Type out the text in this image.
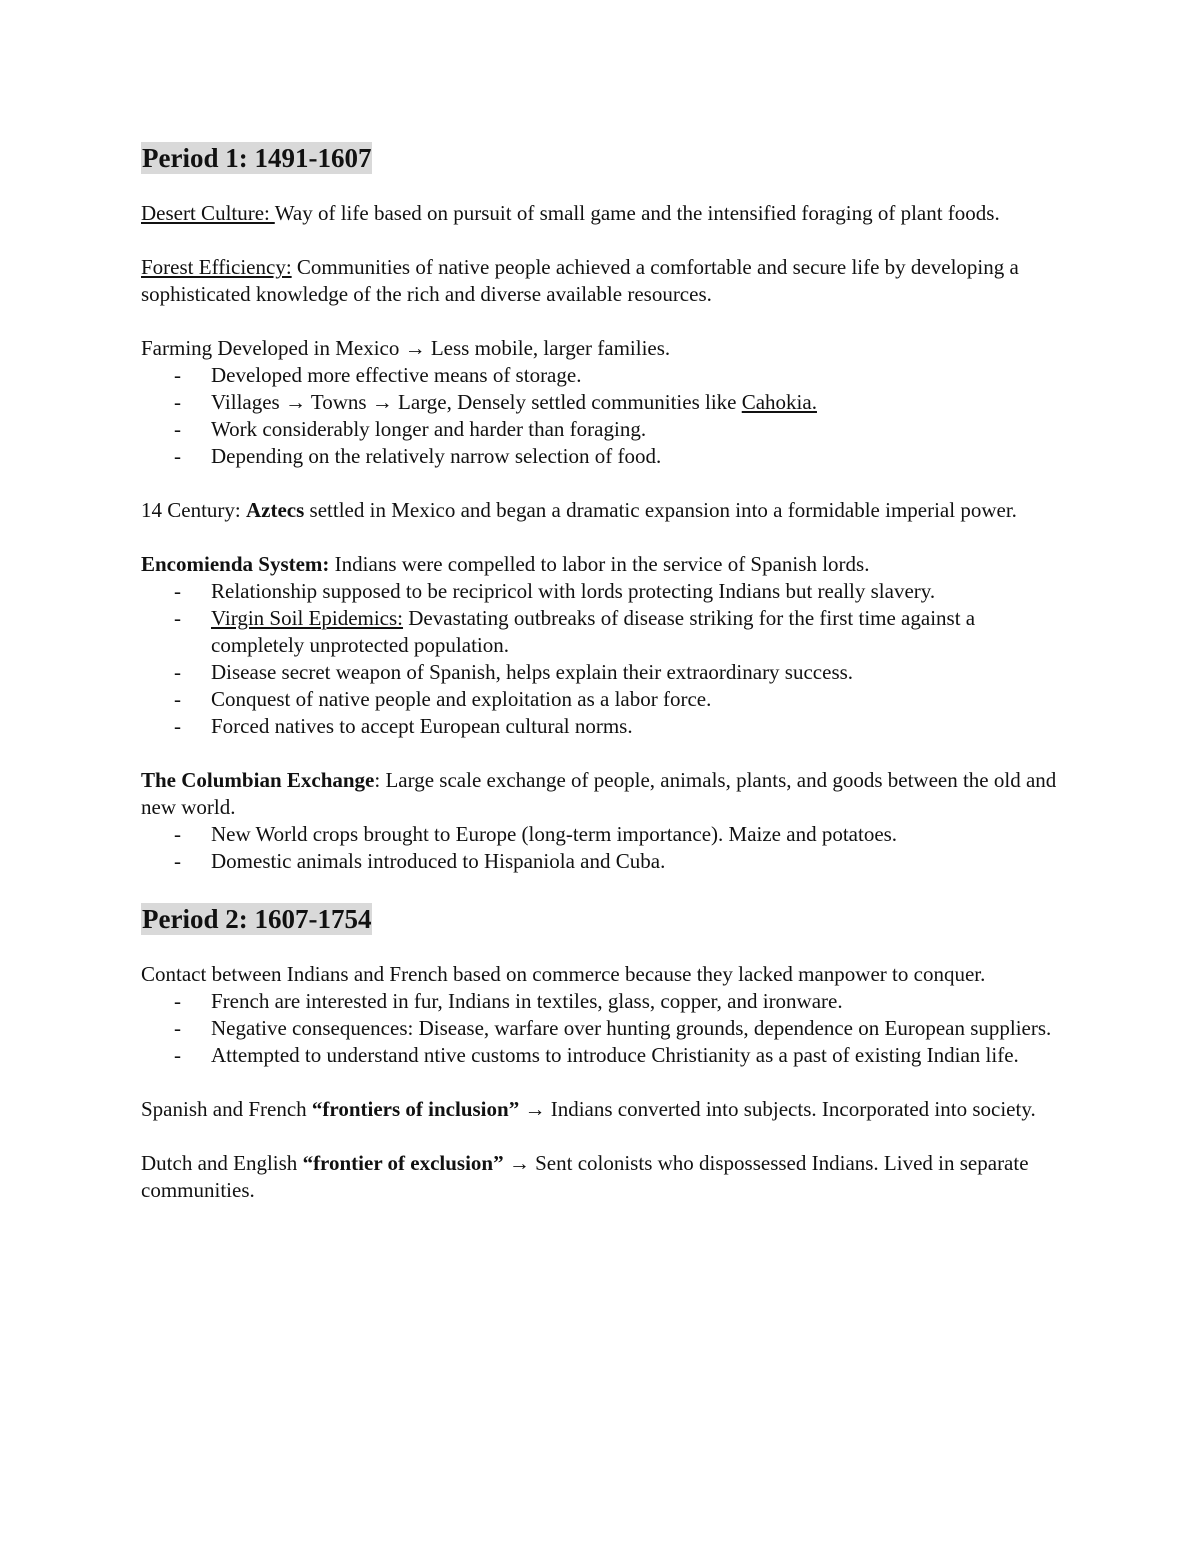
Period 1: 1491-1607

Desert Culture: Way of life based on pursuit of small game and the intensified foraging of plant foods.

Forest Efficiency: Communities of native people achieved a comfortable and secure life by developing a sophisticated knowledge of the rich and diverse available resources.

Farming Developed in Mexico → Less mobile, larger families.

- Developed more effective means of storage.
- Villages → Towns → Large, Densely settled communities like Cahokia.
- Work considerably longer and harder than foraging.
- Depending on the relatively narrow selection of food.

14 Century: Aztecs settled in Mexico and began a dramatic expansion into a formidable imperial power.

Encomienda System: Indians were compelled to labor in the service of Spanish lords.

- Relationship supposed to be recipricol with lords protecting Indians but really slavery.
- Virgin Soil Epidemics: Devastating outbreaks of disease striking for the first time against a completely unprotected population.
- Disease secret weapon of Spanish, helps explain their extraordinary success.
- Conquest of native people and exploitation as a labor force.
- Forced natives to accept European cultural norms.

The Columbian Exchange: Large scale exchange of people, animals, plants, and goods between the old and new world.

- New World crops brought to Europe (long-term importance). Maize and potatoes.
- Domestic animals introduced to Hispaniola and Cuba.
Period 2: 1607-1754

Contact between Indians and French based on commerce because they lacked manpower to conquer.

- French are interested in fur, Indians in textiles, glass, copper, and ironware.
- Negative consequences: Disease, warfare over hunting grounds, dependence on European suppliers.
- Attempted to understand ntive customs to introduce Christianity as a past of existing Indian life.

Spanish and French “frontiers of inclusion” → Indians converted into subjects. Incorporated into society.

Dutch and English “frontier of exclusion” → Sent colonists who dispossessed Indians. Lived in separate communities.
